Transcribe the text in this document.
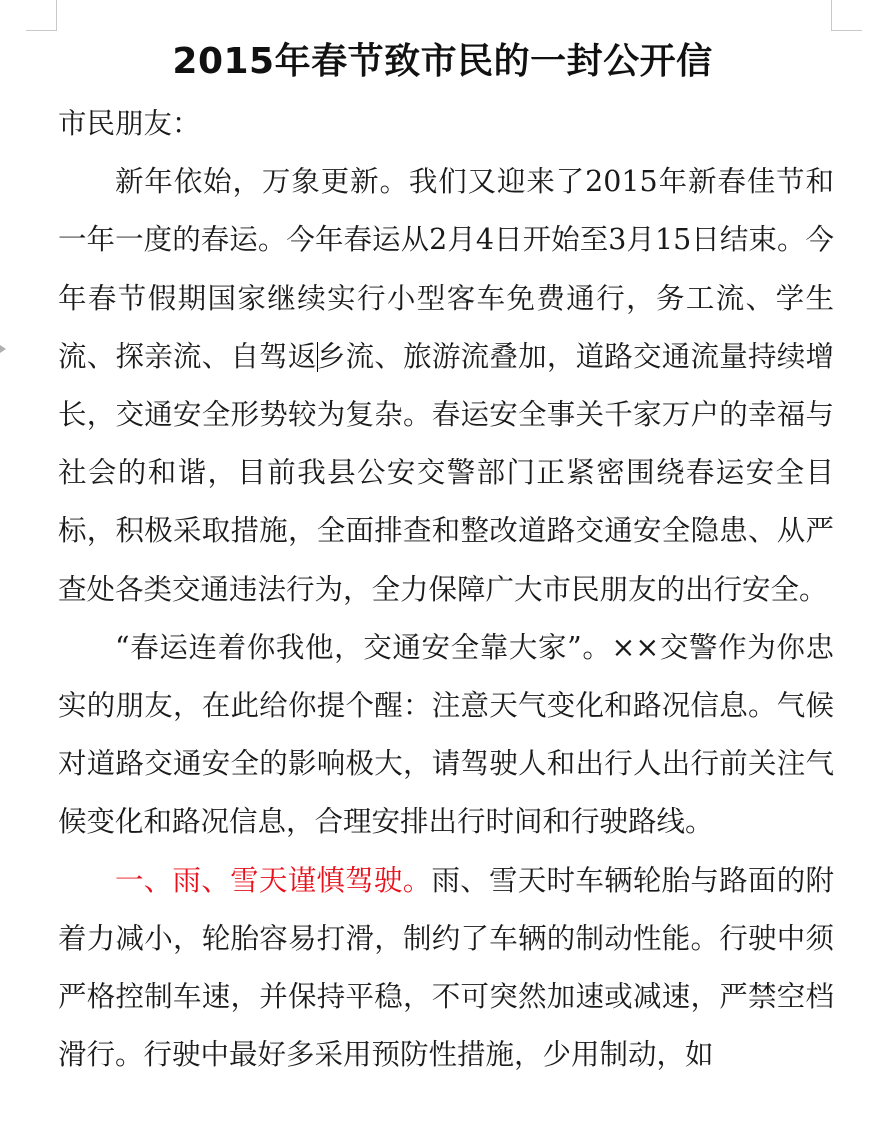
2015年春节致市民的一封公开信

市民朋友：

新年依始，万象更新。我们又迎来了2015年新春佳节和一年一度的春运。今年春运从2月4日开始至3月15日结束。今年春节假期国家继续实行小型客车免费通行，务工流、学生流、探亲流、自驾返乡流、旅游流叠加，道路交通流量持续增长，交通安全形势较为复杂。春运安全事关千家万户的幸福与社会的和谐，目前我县公安交警部门正紧密围绕春运安全目标，积极采取措施，全面排查和整改道路交通安全隐患、从严查处各类交通违法行为，全力保障广大市民朋友的出行安全。

“春运连着你我他，交通安全靠大家”。××交警作为你忠实的朋友，在此给你提个醒：注意天气变化和路况信息。气候对道路交通安全的影响极大，请驾驶人和出行人出行前关注气候变化和路况信息，合理安排出行时间和行驶路线。

一、雨、雪天谨慎驾驶。雨、雪天时车辆轮胎与路面的附着力减小，轮胎容易打滑，制约了车辆的制动性能。行驶中须严格控制车速，并保持平稳，不可突然加速或减速，严禁空档滑行。行驶中最好多采用预防性措施，少用制动，如
